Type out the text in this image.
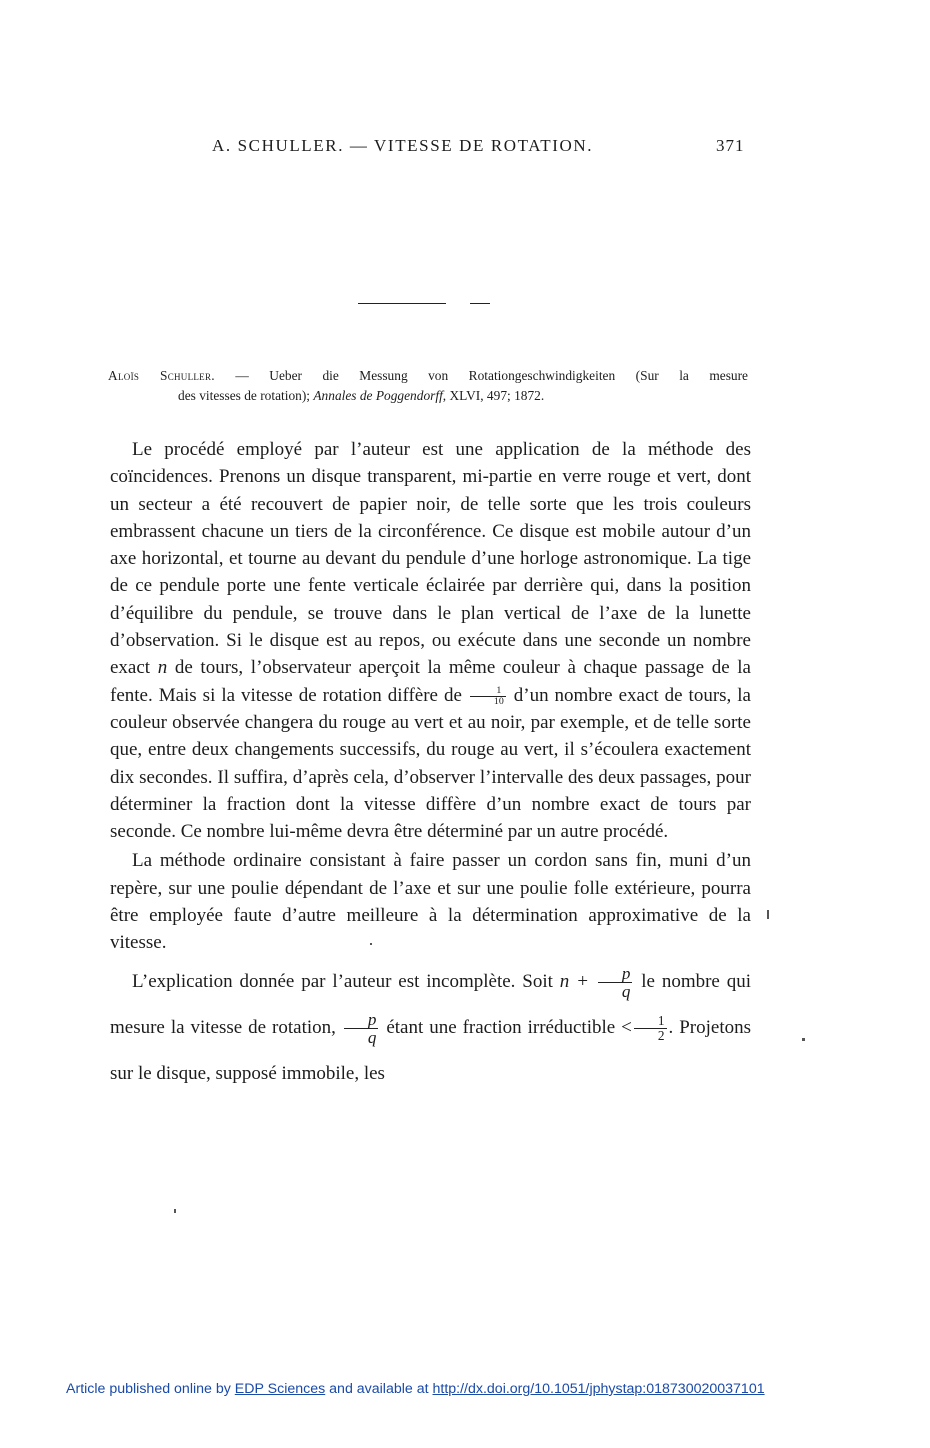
A. SCHULLER. — VITESSE DE ROTATION.	371
Aloïs Schuller. — Ueber die Messung von Rotationgeschwindigkeiten (Sur la mesure
des vitesses de rotation); Annales de Poggendorff, XLVI, 497; 1872.

Le procédé employé par l’auteur est une application de la méthode des coïncidences. Prenons un disque transparent, mi-partie en verre rouge et vert, dont un secteur a été recouvert de papier noir, de telle sorte que les trois couleurs embrassent chacune un tiers de la circonférence. Ce disque est mobile autour d’un axe horizontal, et tourne au devant du pendule d’une horloge astronomique. La tige de ce pendule porte une fente verticale éclairée par derrière qui, dans la position d’équilibre du pendule, se trouve dans le plan vertical de l’axe de la lunette d’observation. Si le disque est au repos, ou exécute dans une seconde un nombre exact n de tours, l’observateur aperçoit la même couleur à chaque passage de la fente. Mais si la vitesse de rotation diffère de $\frac{1}{10}$ d’un nombre exact de tours, la couleur observée changera du rouge au vert et au noir, par exemple, et de telle sorte que, entre deux changements successifs, du rouge au vert, il s’écoulera exactement dix secondes. Il suffira, d’après cela, d’observer l’intervalle des deux passages, pour déterminer la fraction dont la vitesse diffère d’un nombre exact de tours par seconde. Ce nombre lui-même devra être déterminé par un autre procédé.

La méthode ordinaire consistant à faire passer un cordon sans fin, muni d’un repère, sur une poulie dépendant de l’axe et sur une poulie folle extérieure, pourra être employée faute d’autre meilleure à la détermination approximative de la vitesse.

L’explication donnée par l’auteur est incomplète. Soit $n + \frac{p}{q}$ le nombre qui mesure la vitesse de rotation, $\frac{p}{q}$ étant une fraction irréductible < $\frac{1}{2}$ . Projetons sur le disque, supposé immobile, les

Article published online by EDP Sciences and available at http://dx.doi.org/10.1051/jphystap:018730020037101
